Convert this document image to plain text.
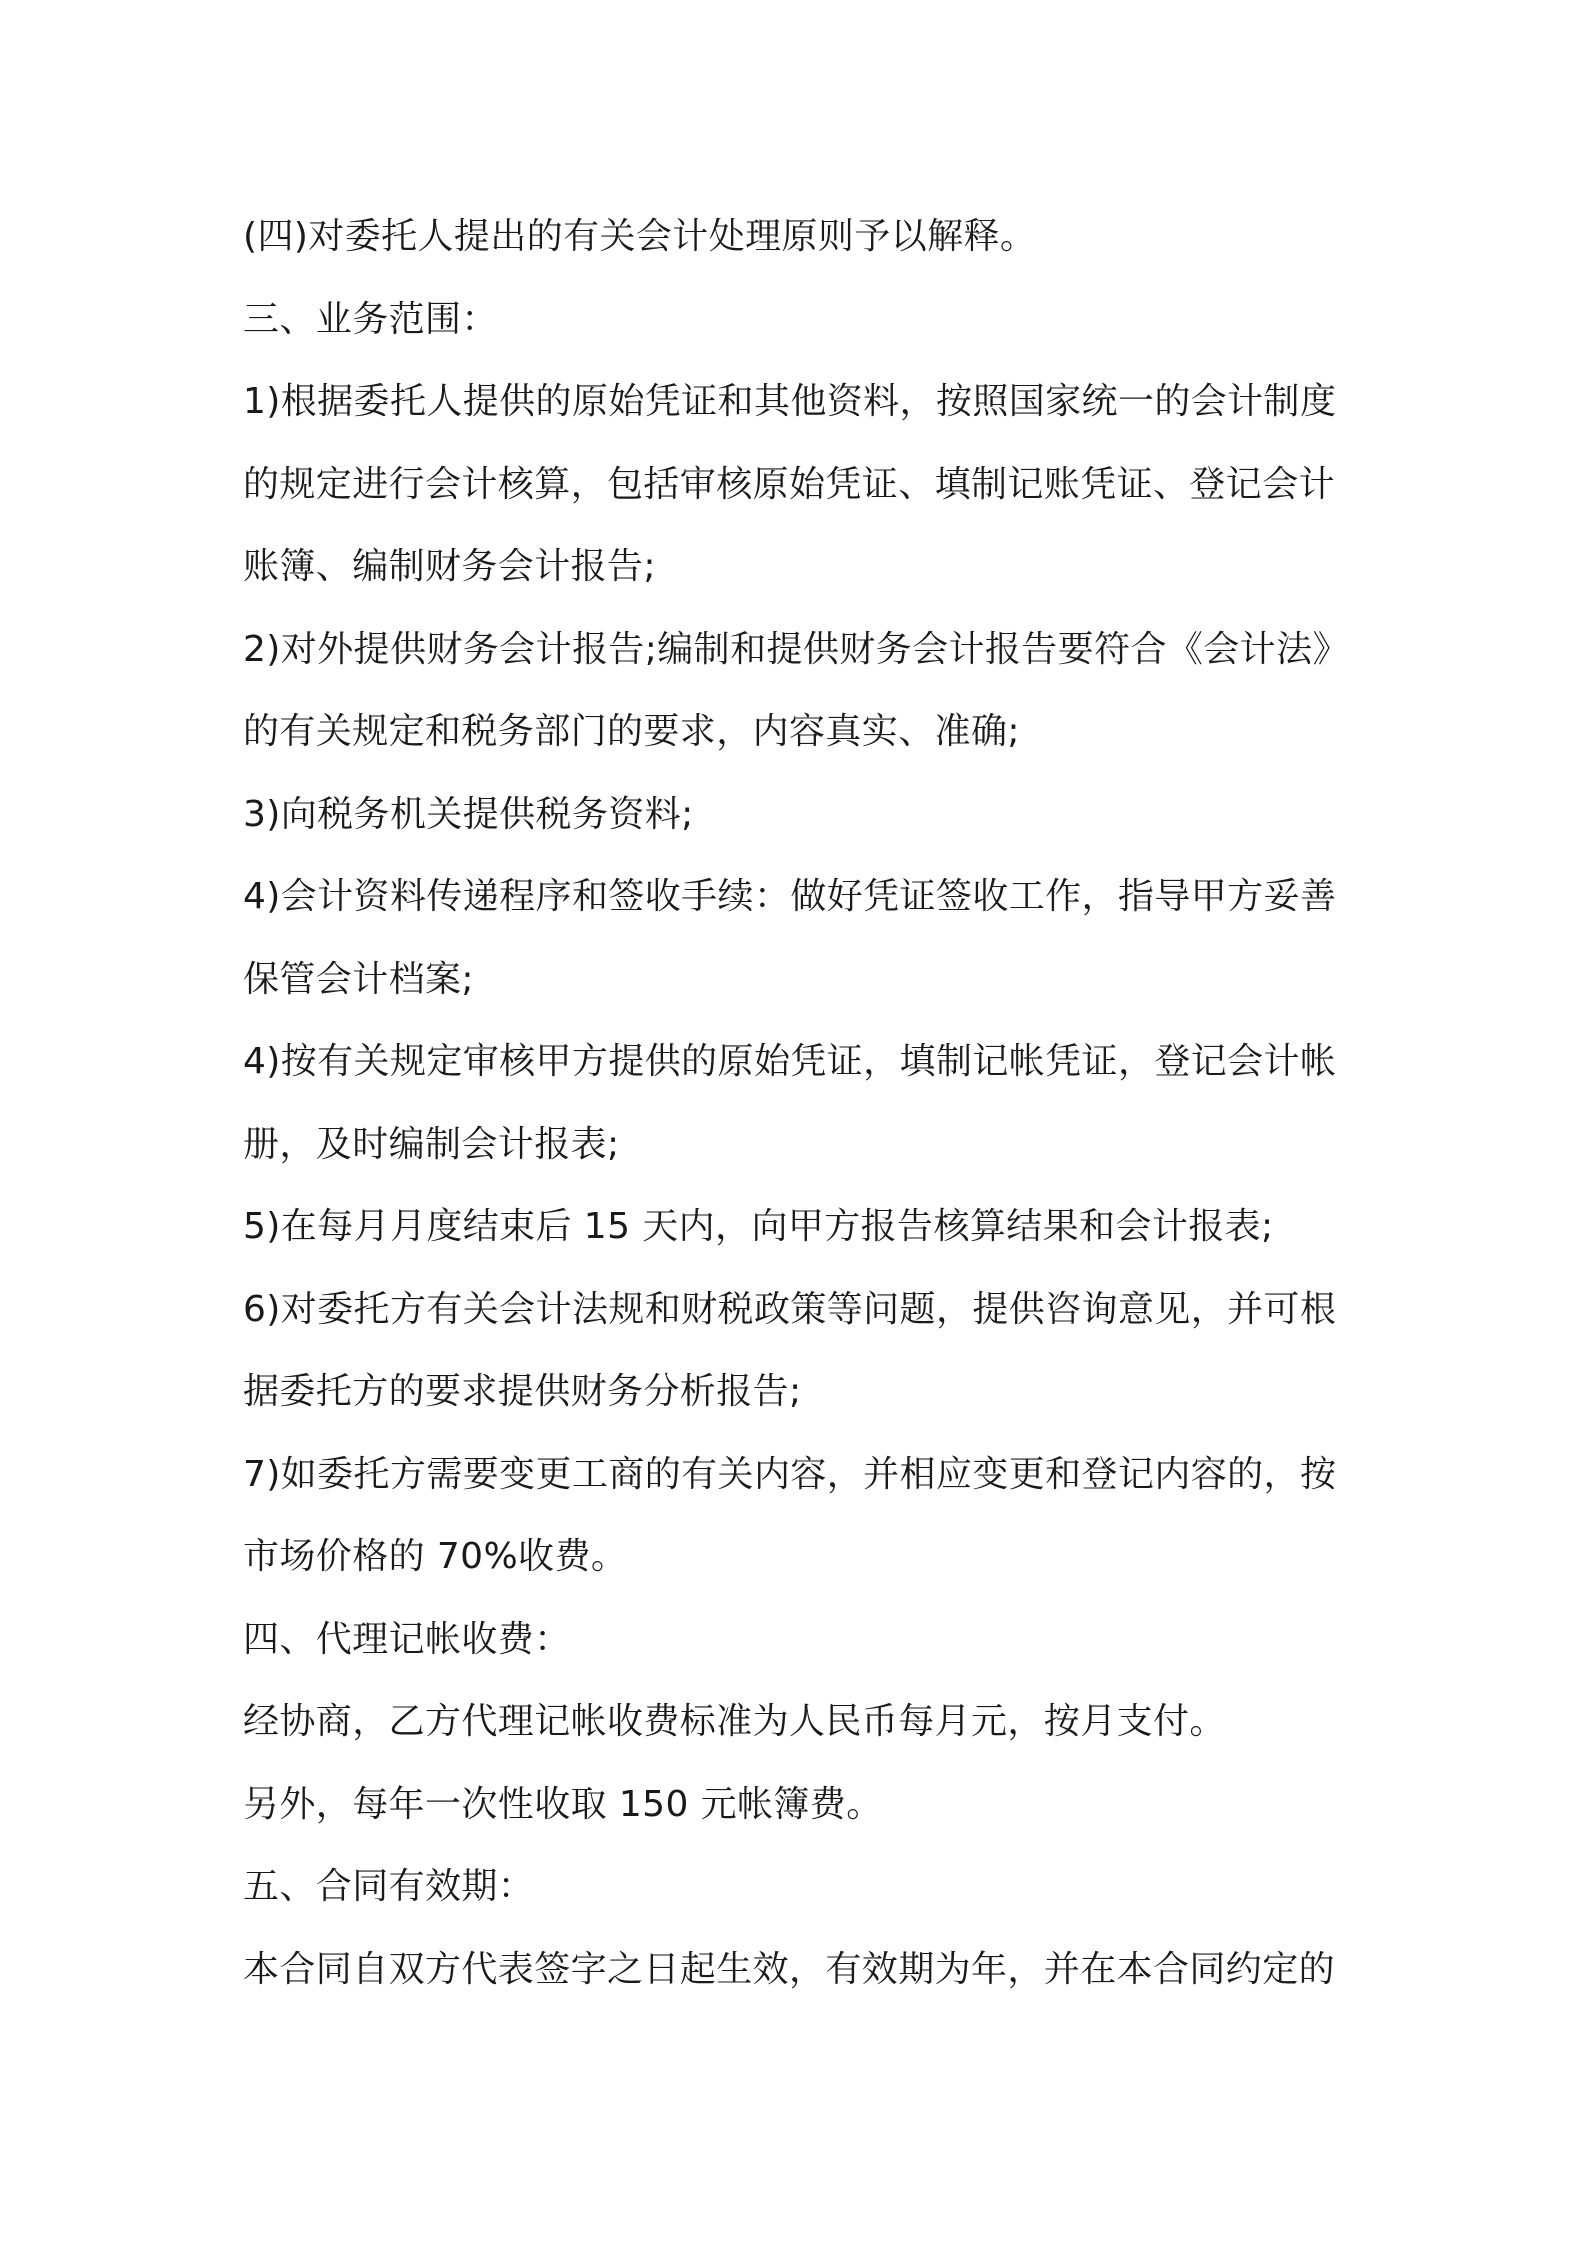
(四)对委托人提出的有关会计处理原则予以解释。
三、业务范围：
1)根据委托人提供的原始凭证和其他资料，按照国家统一的会计制度
的规定进行会计核算，包括审核原始凭证、填制记账凭证、登记会计
账簿、编制财务会计报告;
2)对外提供财务会计报告;编制和提供财务会计报告要符合《会计法》
的有关规定和税务部门的要求，内容真实、准确;
3)向税务机关提供税务资料;
4)会计资料传递程序和签收手续：做好凭证签收工作，指导甲方妥善
保管会计档案;
4)按有关规定审核甲方提供的原始凭证，填制记帐凭证，登记会计帐
册，及时编制会计报表;
5)在每月月度结束后 15 天内，向甲方报告核算结果和会计报表;
6)对委托方有关会计法规和财税政策等问题，提供咨询意见，并可根
据委托方的要求提供财务分析报告;
7)如委托方需要变更工商的有关内容，并相应变更和登记内容的，按
市场价格的 70%收费。
四、代理记帐收费：
经协商，乙方代理记帐收费标准为人民币每月元，按月支付。
另外，每年一次性收取 150 元帐簿费。
五、合同有效期：
本合同自双方代表签字之日起生效，有效期为年，并在本合同约定的
